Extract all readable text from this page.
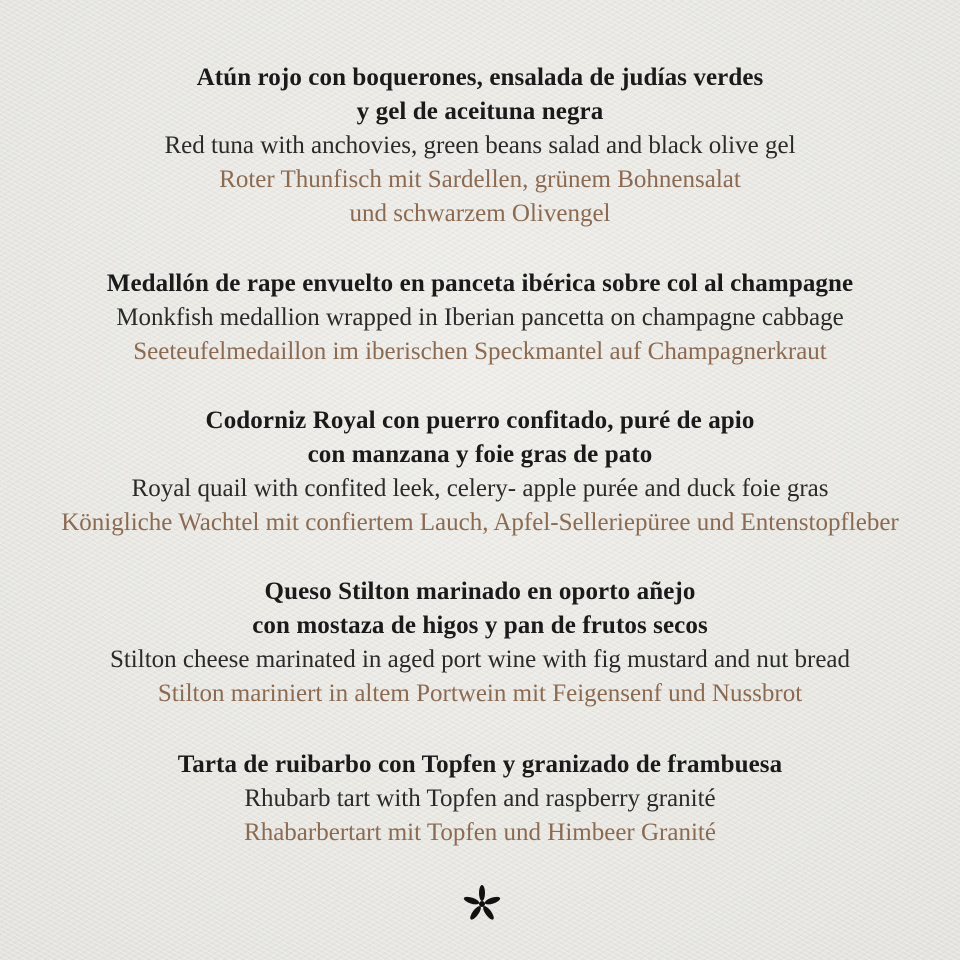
Atún rojo con boquerones, ensalada de judías verdes
y gel de aceituna negra
Red tuna with anchovies, green beans salad and black olive gel
Roter Thunfisch mit Sardellen, grünem Bohnensalat
und schwarzem Olivengel
Medallón de rape envuelto en panceta ibérica sobre col al champagne
Monkfish medallion wrapped in Iberian pancetta on champagne cabbage
Seeteufelmedaillon im iberischen Speckmantel auf Champagnerkraut
Codorniz Royal con puerro confitado, puré de apio
con manzana y foie gras de pato
Royal quail with confited leek, celery- apple purée and duck foie gras
Königliche Wachtel mit confiertem Lauch, Apfel-Selleriepüree und Entenstopfleber
Queso Stilton marinado en oporto añejo
con mostaza de higos y pan de frutos secos
Stilton cheese marinated in aged port wine with fig mustard and nut bread
Stilton mariniert in altem Portwein mit Feigensenf und Nussbrot
Tarta de ruibarbo con Topfen y granizado de frambuesa
Rhubarb tart with Topfen and raspberry granité
Rhabarbertart mit Topfen und Himbeer Granité
